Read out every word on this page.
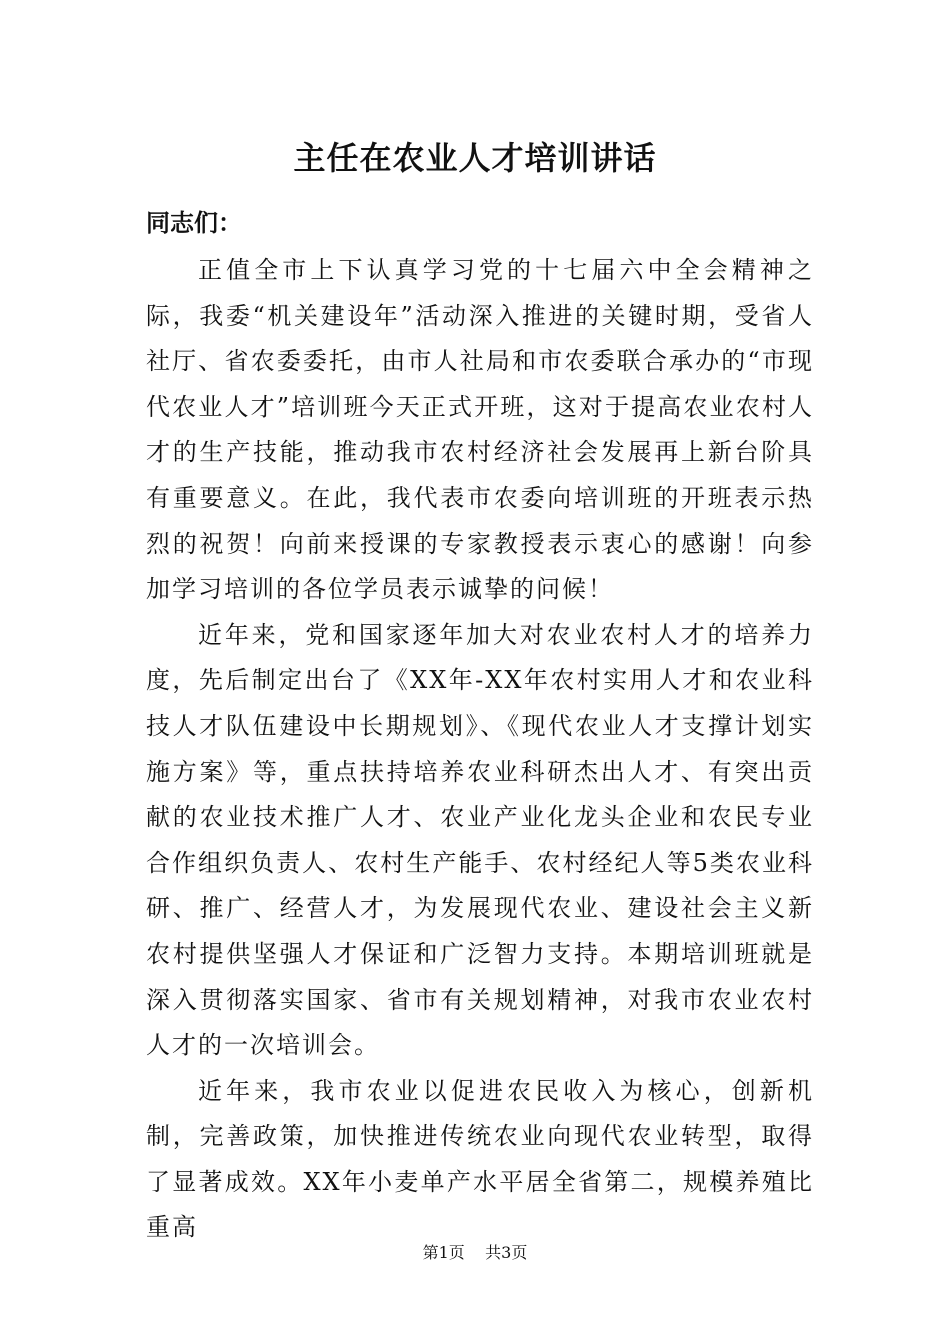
主任在农业人才培训讲话
同志们：

正值全市上下认真学习党的十七届六中全会精神之际，我委“机关建设年”活动深入推进的关键时期，受省人社厅、省农委委托，由市人社局和市农委联合承办的“市现代农业人才”培训班今天正式开班，这对于提高农业农村人才的生产技能，推动我市农村经济社会发展再上新台阶具有重要意义。在此，我代表市农委向培训班的开班表示热烈的祝贺！向前来授课的专家教授表示衷心的感谢！向参加学习培训的各位学员表示诚挚的问候！

近年来，党和国家逐年加大对农业农村人才的培养力度，先后制定出台了《XX年-XX年农村实用人才和农业科技人才队伍建设中长期规划》、《现代农业人才支撑计划实施方案》等，重点扶持培养农业科研杰出人才、有突出贡献的农业技术推广人才、农业产业化龙头企业和农民专业合作组织负责人、农村生产能手、农村经纪人等5类农业科研、推广、经营人才，为发展现代农业、建设社会主义新农村提供坚强人才保证和广泛智力支持。本期培训班就是深入贯彻落实国家、省市有关规划精神，对我市农业农村人才的一次培训会。

近年来，我市农业以促进农民收入为核心，创新机制，完善政策，加快推进传统农业向现代农业转型，取得了显著成效。XX年小麦单产水平居全省第二，规模养殖比重高

第1页 共3页
